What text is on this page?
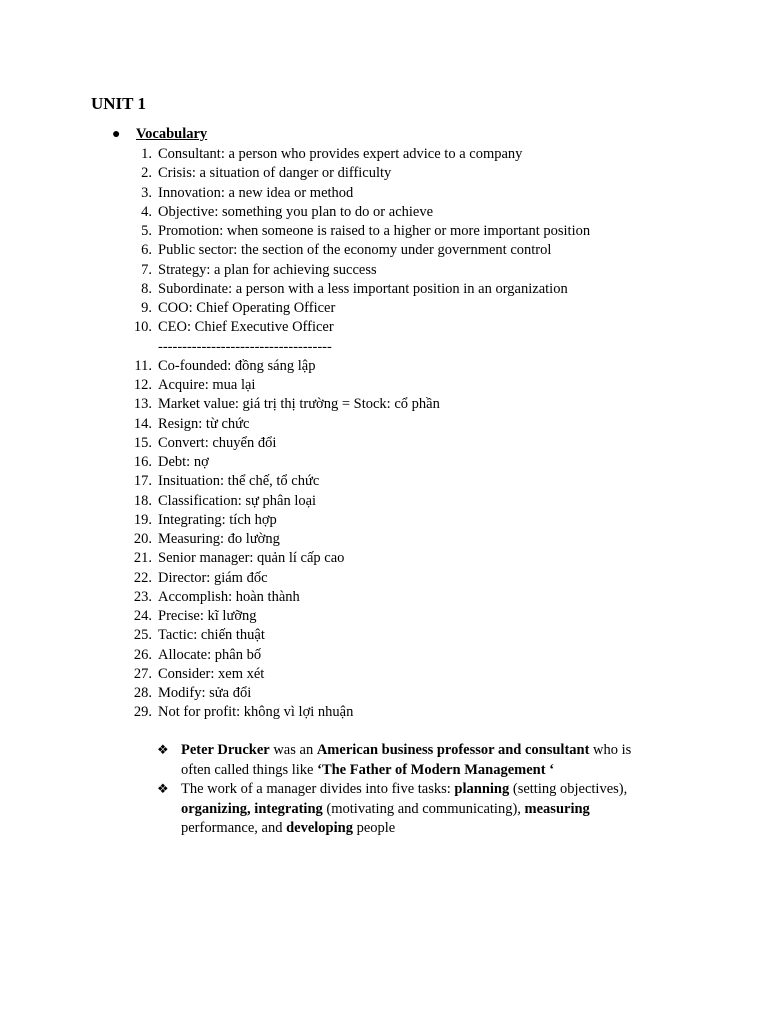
UNIT 1
● Vocabulary
1. Consultant: a person who provides expert advice to a company
2. Crisis: a situation of danger or difficulty
3. Innovation: a new idea or method
4. Objective: something you plan to do or achieve
5. Promotion: when someone is raised to a higher or more important position
6. Public sector: the section of the economy under government control
7. Strategy: a plan for achieving success
8. Subordinate: a person with a less important position in an organization
9. COO: Chief Operating Officer
10. CEO: Chief Executive Officer
------------------------------------
11. Co-founded: đồng sáng lập
12. Acquire: mua lại
13. Market value: giá trị thị trường = Stock: cổ phần
14. Resign: từ chức
15. Convert: chuyển đổi
16. Debt: nợ
17. Insituation: thể chế, tổ chức
18. Classification: sự phân loại
19. Integrating: tích hợp
20. Measuring: đo lường
21. Senior manager: quản lí cấp cao
22. Director: giám đốc
23. Accomplish: hoàn thành
24. Precise: kĩ lưỡng
25. Tactic: chiến thuật
26. Allocate: phân bố
27. Consider: xem xét
28. Modify: sửa đổi
29. Not for profit: không vì lợi nhuận
❖ Peter Drucker was an American business professor and consultant who is often called things like ‘The Father of Modern Management ‘
❖ The work of a manager divides into five tasks: planning (setting objectives), organizing, integrating (motivating and communicating), measuring performance, and developing people
